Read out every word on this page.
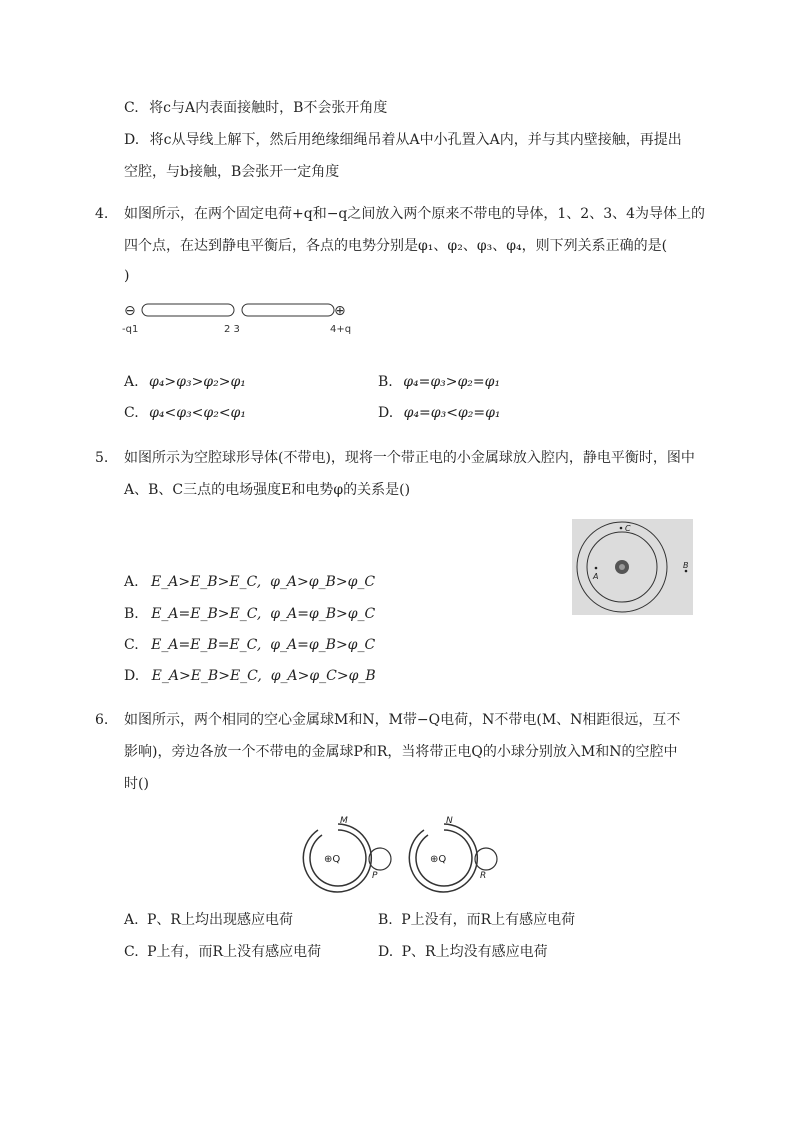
C. 将c与A内表面接触时，B不会张开角度
D. 将c从导线上解下，然后用绝缘细绳吊着从A中小孔置入A内，并与其内壁接触，再提出
空腔，与b接触，B会张开一定角度
4. 如图所示，在两个固定电荷+q和−q之间放入两个原来不带电的导体，1、2、3、4为导体上的
四个点，在达到静电平衡后，各点的电势分别是φ₁、φ₂、φ₃、φ₄，则下列关系正确的是(
)
⊖	⊕
-q1	2 3	4+q
A. φ₄>φ₃>φ₂>φ₁	B. φ₄=φ₃>φ₂=φ₁
C. φ₄<φ₃<φ₂<φ₁	D. φ₄=φ₃<φ₂=φ₁
5. 如图所示为空腔球形导体(不带电)，现将一个带正电的小金属球放入腔内，静电平衡时，图中
A、B、C三点的电场强度E和电势φ的关系是()
A
C
B
A. E_A>E_B>E_C,  φ_A>φ_B>φ_C
B. E_A=E_B>E_C,  φ_A=φ_B>φ_C
C. E_A=E_B=E_C,  φ_A=φ_B>φ_C
D. E_A>E_B>E_C,  φ_A>φ_C>φ_B
6. 如图所示，两个相同的空心金属球M和N，M带−Q电荷，N不带电(M、N相距很远，互不
影响)，旁边各放一个不带电的金属球P和R，当将带正电Q的小球分别放入M和N的空腔中
时()
M
⊕Q
P
N
⊕Q
R
A. P、R上均出现感应电荷	B. P上没有，而R上有感应电荷
C. P上有，而R上没有感应电荷	D. P、R上均没有感应电荷
